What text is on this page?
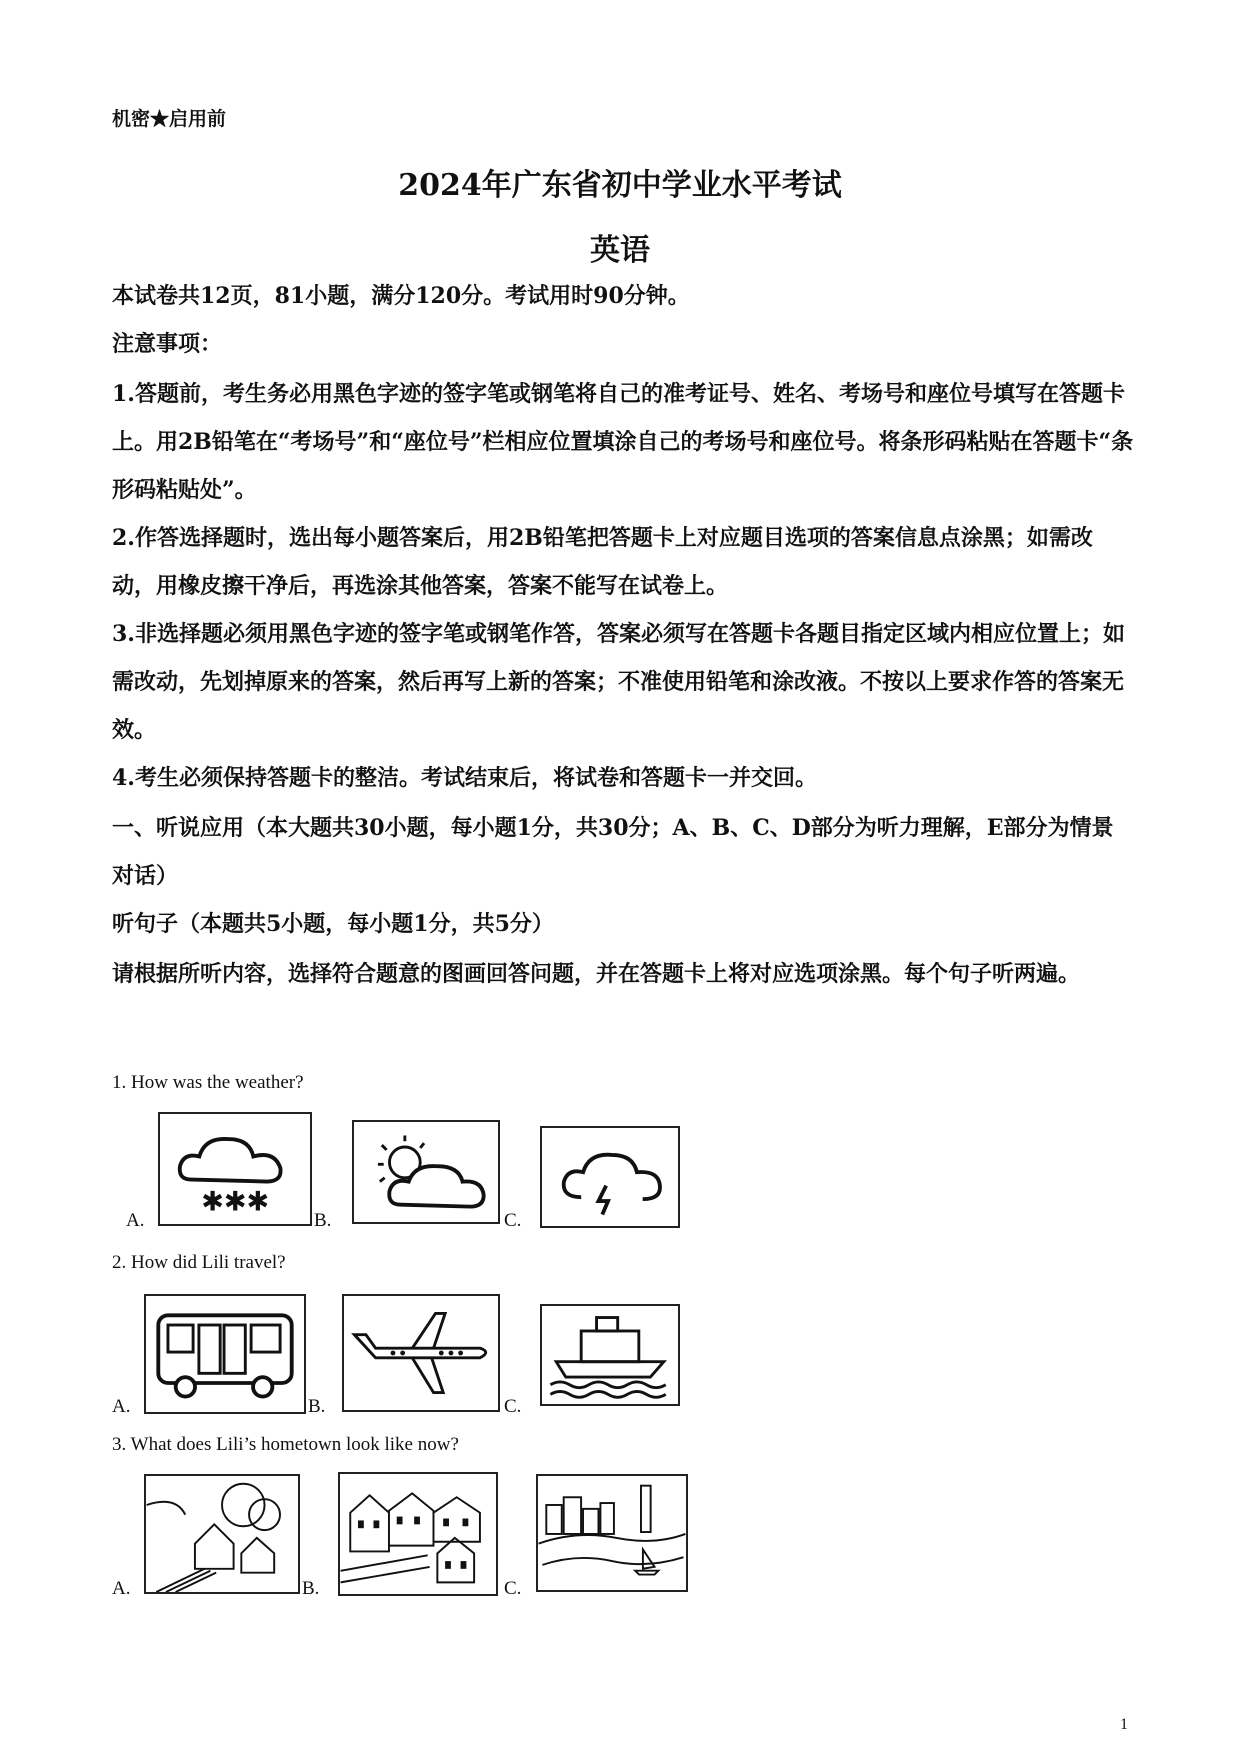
机密★启用前
2024年广东省初中学业水平考试
英语
本试卷共12页，81小题，满分120分。考试用时90分钟。
注意事项：
1.答题前，考生务必用黑色字迹的签字笔或钢笔将自己的准考证号、姓名、考场号和座位号填写在答题卡上。用2B铅笔在“考场号”和“座位号”栏相应位置填涂自己的考场号和座位号。将条形码粘贴在答题卡“条形码粘贴处”。
2.作答选择题时，选出每小题答案后，用2B铅笔把答题卡上对应题目选项的答案信息点涂黑；如需改动，用橡皮擦干净后，再选涂其他答案，答案不能写在试卷上。
3.非选择题必须用黑色字迹的签字笔或钢笔作答，答案必须写在答题卡各题目指定区域内相应位置上；如需改动，先划掉原来的答案，然后再写上新的答案；不准使用铅笔和涂改液。不按以上要求作答的答案无效。
4.考生必须保持答题卡的整洁。考试结束后，将试卷和答题卡一并交回。
一、听说应用（本大题共30小题，每小题1分，共30分；A、B、C、D部分为听力理解，E部分为情景对话）
听句子（本题共5小题，每小题1分，共5分）
请根据所听内容，选择符合题意的图画回答问题，并在答题卡上将对应选项涂黑。每个句子听两遍。
1. How was the weather?
A.
✱✱✱
B.	C.
2. How did Lili travel?
A.	B.	C.
3. What does Lili’s hometown look like now?
A.	B.	C.
1
